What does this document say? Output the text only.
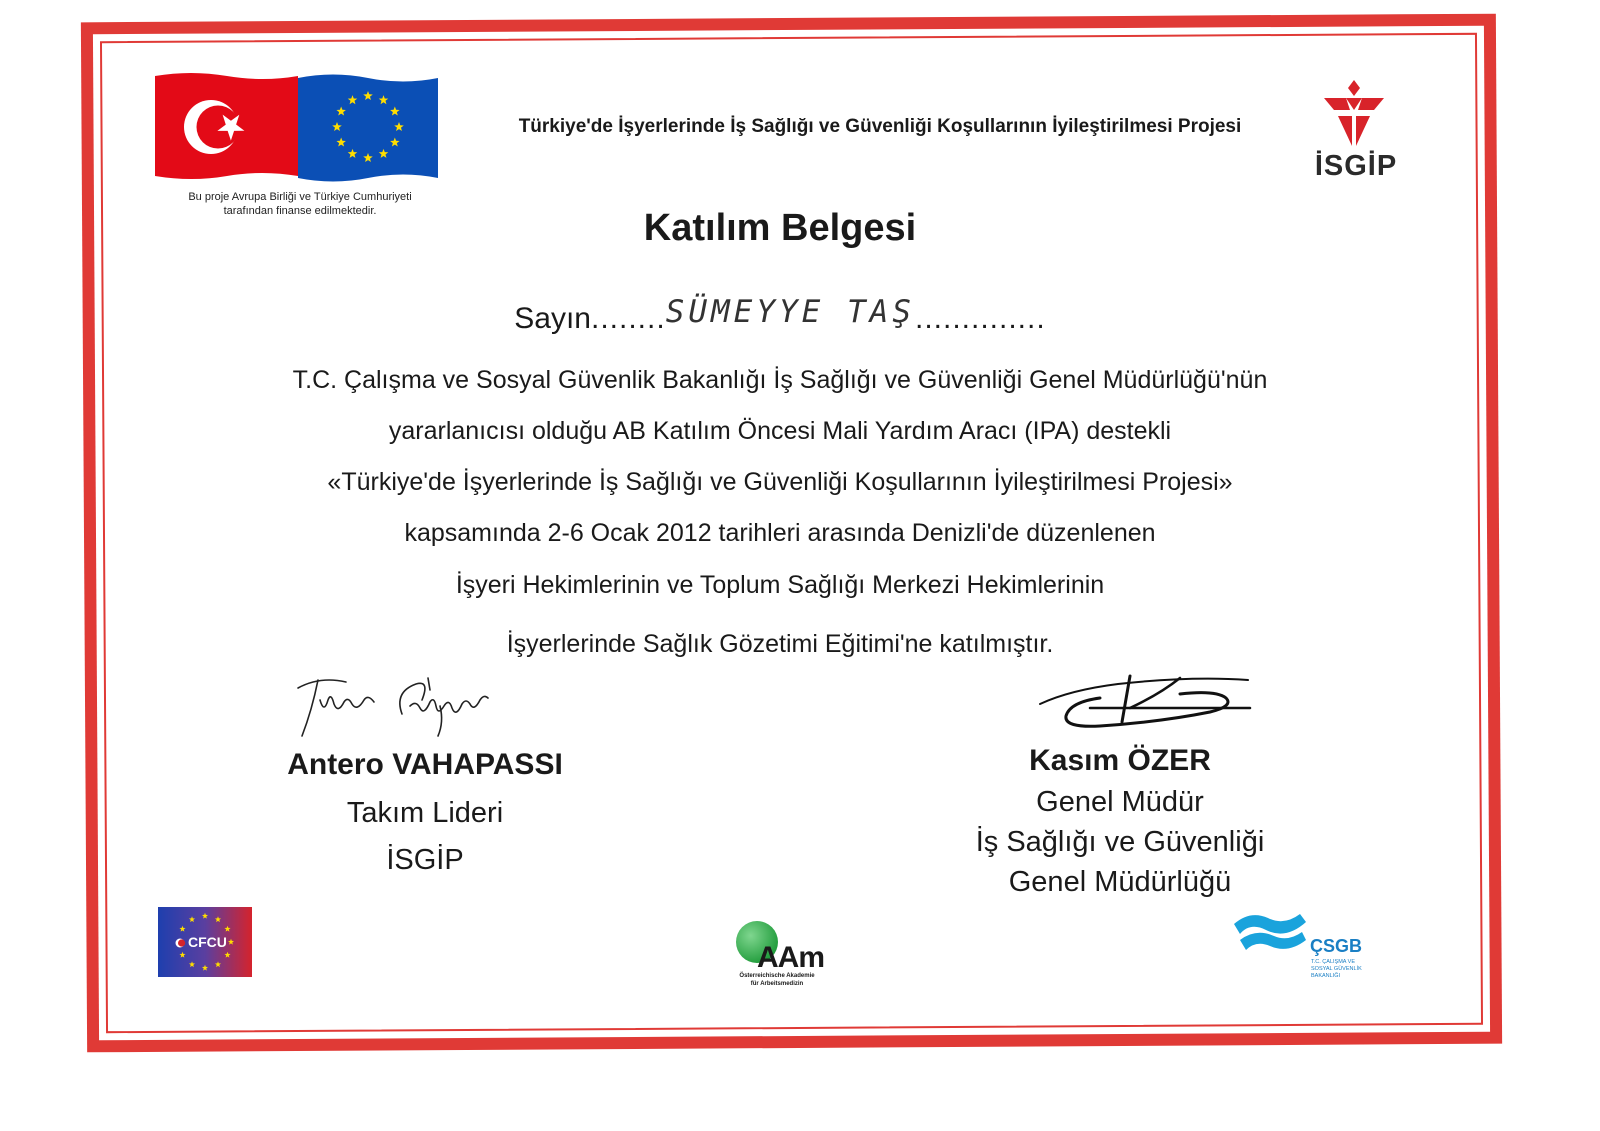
Bu proje Avrupa Birliği ve Türkiye Cumhuriyeti
tarafından finanse edilmektedir.
Türkiye'de İşyerlerinde İş Sağlığı ve Güvenliği Koşullarının İyileştirilmesi Projesi
İSGİP
Katılım Belgesi
Sayın........SÜMEYYE TAŞ..............
T.C. Çalışma ve Sosyal Güvenlik Bakanlığı İş Sağlığı ve Güvenliği Genel Müdürlüğü'nün
yararlanıcısı olduğu AB Katılım Öncesi Mali Yardım Aracı (IPA) destekli
«Türkiye'de İşyerlerinde İş Sağlığı ve Güvenliği Koşullarının İyileştirilmesi Projesi»
kapsamında 2-6 Ocak 2012 tarihleri arasında Denizli'de düzenlenen
İşyeri Hekimlerinin ve Toplum Sağlığı Merkezi Hekimlerinin
İşyerlerinde Sağlık Gözetimi Eğitimi'ne katılmıştır.
Antero VAHAPASSI
Takım Lideri
İSGİP
Kasım ÖZER
Genel Müdür
İş Sağlığı ve Güvenliği
Genel Müdürlüğü
CFCU	AAm
Österreichische Akademie
für Arbeitsmedizin
ÇSGB
T.C. ÇALIŞMA VE
SOSYAL GÜVENLİK
BAKANLIĞI
